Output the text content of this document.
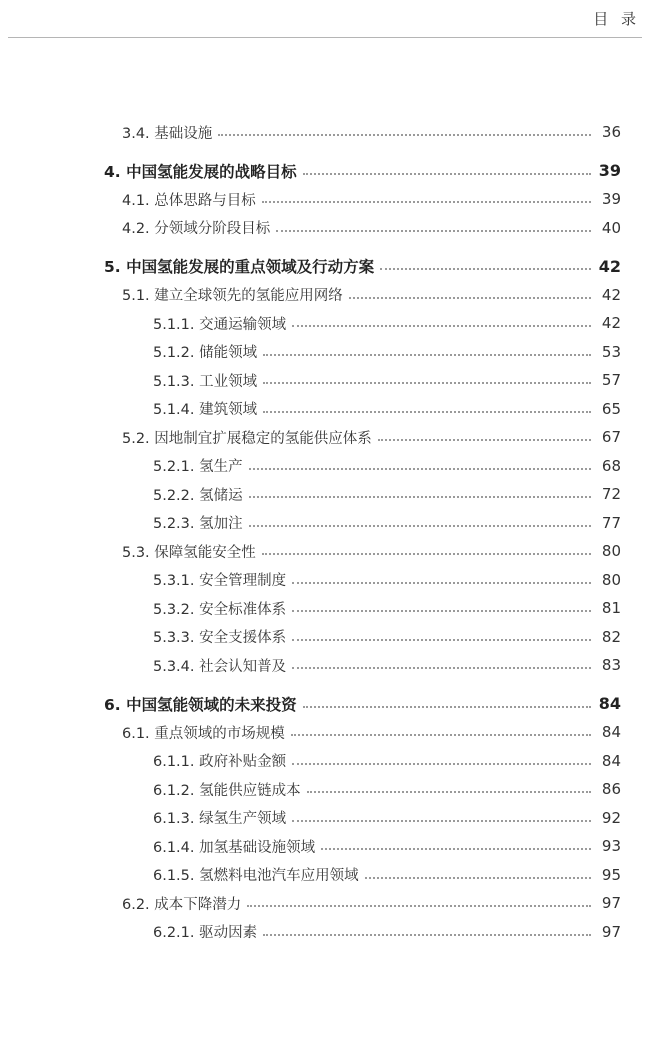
目 录
3.4. 基础设施	36
4. 中国氢能发展的战略目标	39
4.1. 总体思路与目标	39
4.2. 分领域分阶段目标	40
5. 中国氢能发展的重点领域及行动方案	42
5.1. 建立全球领先的氢能应用网络	42
5.1.1. 交通运输领域	42
5.1.2. 储能领域	53
5.1.3. 工业领域	57
5.1.4. 建筑领域	65
5.2. 因地制宜扩展稳定的氢能供应体系	67
5.2.1. 氢生产	68
5.2.2. 氢储运	72
5.2.3. 氢加注	77
5.3. 保障氢能安全性	80
5.3.1. 安全管理制度	80
5.3.2. 安全标准体系	81
5.3.3. 安全支援体系	82
5.3.4. 社会认知普及	83
6. 中国氢能领域的未来投资	84
6.1. 重点领域的市场规模	84
6.1.1. 政府补贴金额	84
6.1.2. 氢能供应链成本	86
6.1.3. 绿氢生产领域	92
6.1.4. 加氢基础设施领域	93
6.1.5. 氢燃料电池汽车应用领域	95
6.2. 成本下降潜力	97
6.2.1. 驱动因素	97
